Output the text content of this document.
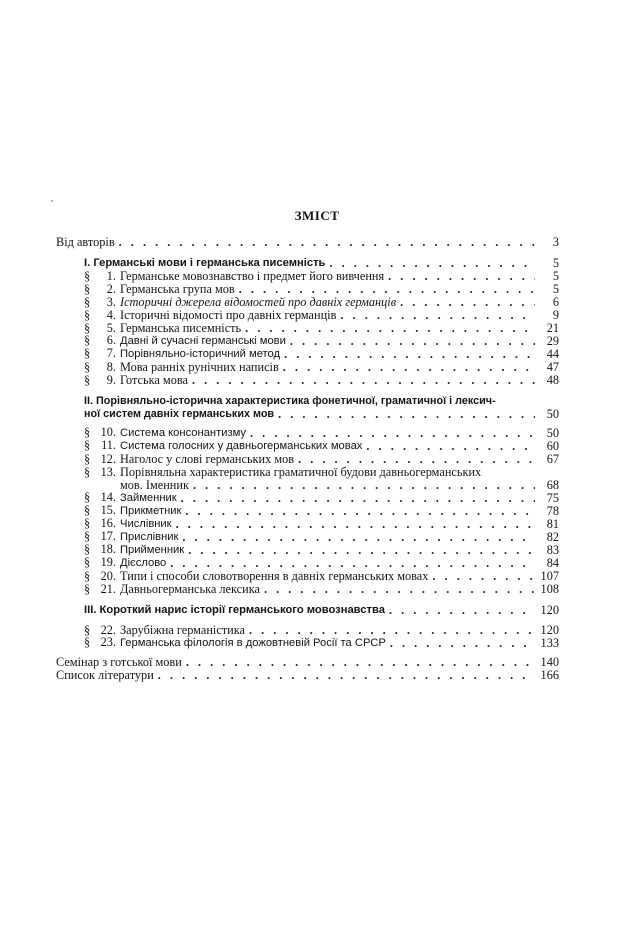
ЗМІСТ
Від авторів . . .	3
І. Германські мови і германська писемність . . .	5
§ 1. Германське мовознавство і предмет його вивчення . . .	5
§ 2. Германська група мов . . .	5
§ 3. Історичні джерела відомостей про давніх германців . . .	6
§ 4. Історичні відомості про давніх германців . . .	9
§ 5. Германська писемність . . .	21
§ 6. Давні й сучасні германські мови . . .	29
§ 7. Порівняльно-історичний метод . . .	44
§ 8. Мова ранніх рунічних написів . . .	47
§ 9. Готська мова . . .	48
ІІ. Порівняльно-історична характеристика фонетичної, граматичної і лексич-
ної систем давніх германських мов . . .	50
§ 10. Система консонантизму . . .	50
§ 11. Система голосних у давньогерманських мовах . . .	60
§ 12. Наголос у слові германських мов . . .	67
§ 13. Порівняльна характеристика граматичної будови давньогерманських
мов. Іменник . . .	68
§ 14. Займенник . . .	75
§ 15. Прикметник . . .	78
§ 16. Числівник . . .	81
§ 17. Прислівник . . .	82
§ 18. Прийменник . . .	83
§ 19. Дієслово . . .	84
§ 20. Типи і способи словотворення в давніх германських мовах . . .	107
§ 21. Давньогерманська лексика . . .	108
ІІІ. Короткий нарис історії германського мовознавства . . .	120
§ 22. Зарубіжна германістика . . .	120
§ 23. Германська філологія в дожовтневій Росії та СРСР . . .	133
Семінар з готської мови . . .	140
Список літератури . . .	166
